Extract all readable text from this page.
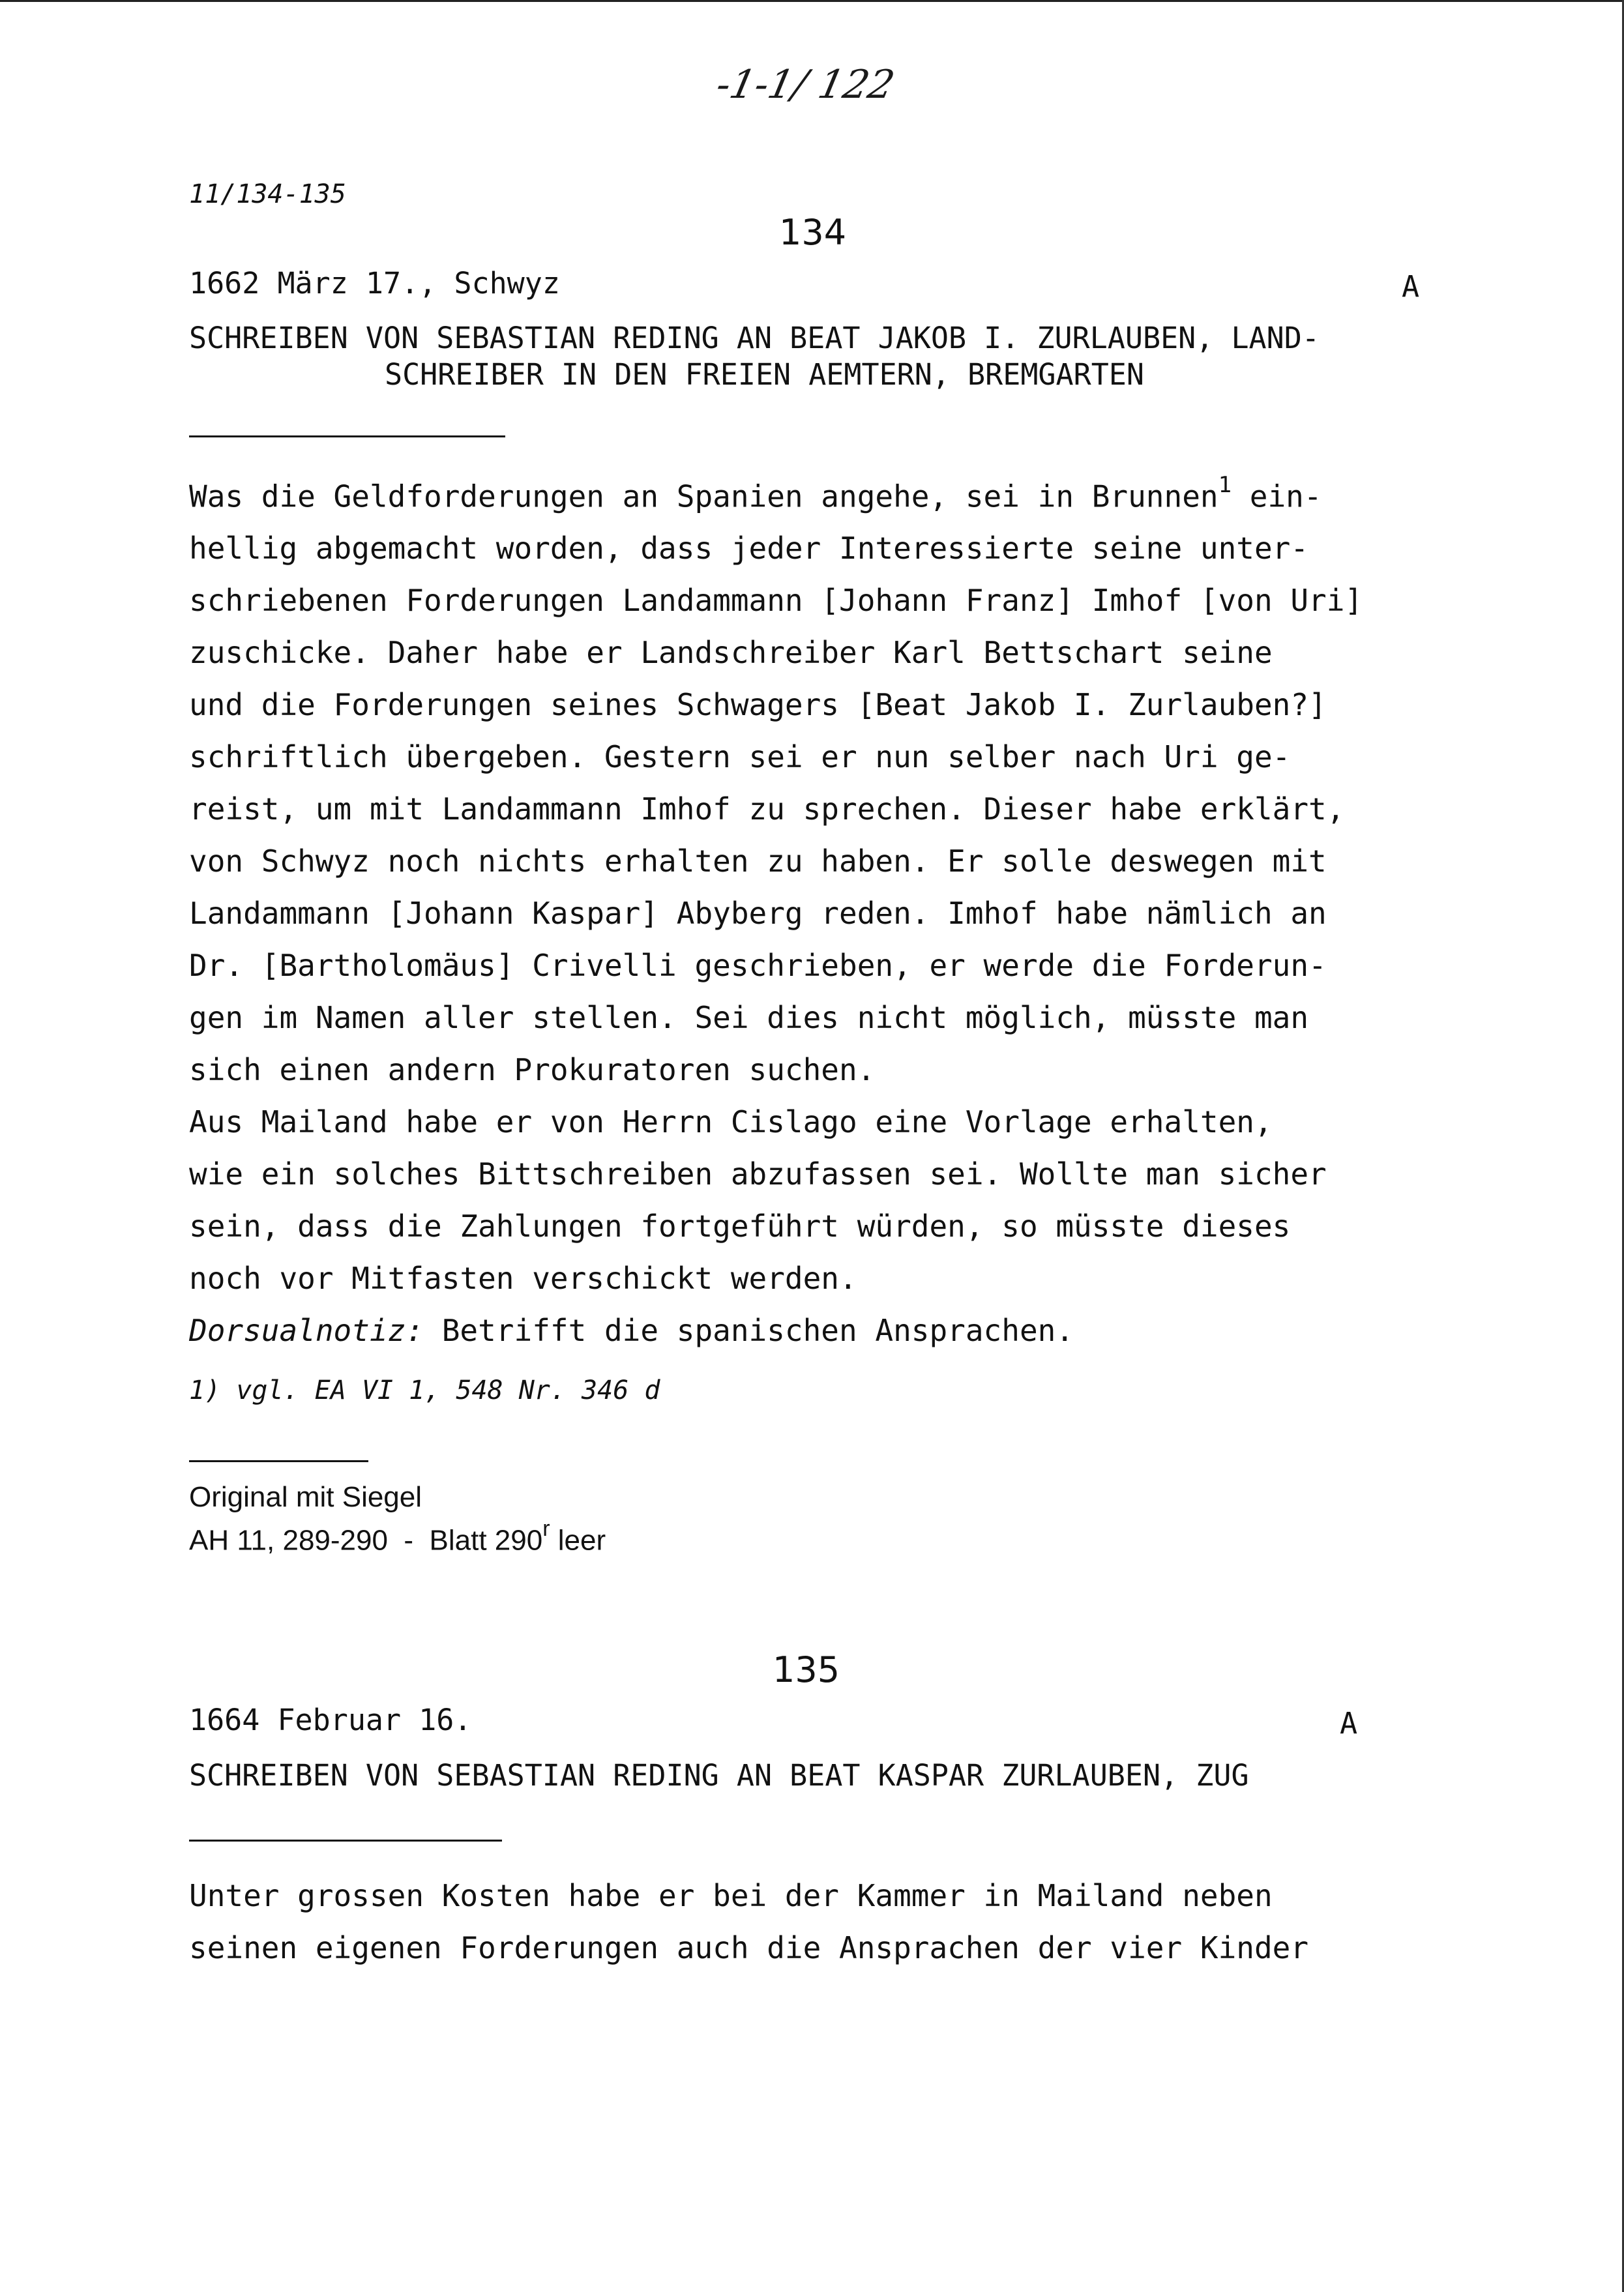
-1-1/ 122
11/134-135
134
1662 März 17., Schwyz	A
SCHREIBEN VON SEBASTIAN REDING AN BEAT JAKOB I. ZURLAUBEN, LAND-
SCHREIBER IN DEN FREIEN AEMTERN, BREMGARTEN
Was die Geldforderungen an Spanien angehe, sei in Brunnen$^1$ ein-
hellig abgemacht worden, dass jeder Interessierte seine unter-
schriebenen Forderungen Landammann [Johann Franz] Imhof [von Uri]
zuschicke. Daher habe er Landschreiber Karl Bettschart seine
und die Forderungen seines Schwagers [Beat Jakob I. Zurlauben?]
schriftlich übergeben. Gestern sei er nun selber nach Uri ge-
reist, um mit Landammann Imhof zu sprechen. Dieser habe erklärt,
von Schwyz noch nichts erhalten zu haben. Er solle deswegen mit
Landammann [Johann Kaspar] Abyberg reden. Imhof habe nämlich an
Dr. [Bartholomäus] Crivelli geschrieben, er werde die Forderun-
gen im Namen aller stellen. Sei dies nicht möglich, müsste man
sich einen andern Prokuratoren suchen.
Aus Mailand habe er von Herrn Cislago eine Vorlage erhalten,
wie ein solches Bittschreiben abzufassen sei. Wollte man sicher
sein, dass die Zahlungen fortgeführt würden, so müsste dieses
noch vor Mitfasten verschickt werden.
Dorsualnotiz: Betrifft die spanischen Ansprachen.
1) vgl. EA VI 1, 548 Nr. 346 d
Original mit Siegel
AH 11, 289-290  -  Blatt 290$^r$ leer
135
1664 Februar 16.	A
SCHREIBEN VON SEBASTIAN REDING AN BEAT KASPAR ZURLAUBEN, ZUG
Unter grossen Kosten habe er bei der Kammer in Mailand neben
seinen eigenen Forderungen auch die Ansprachen der vier Kinder
